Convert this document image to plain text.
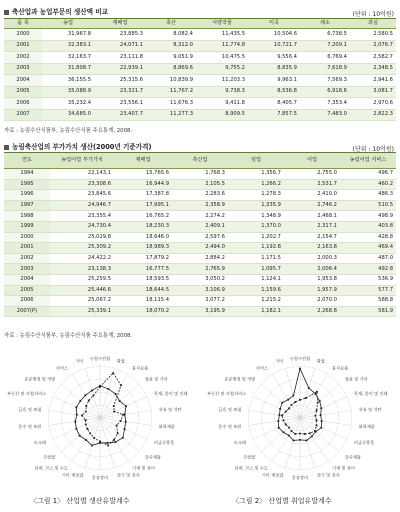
축산업과 농업부문의 생산액 비교	(단위 : 10억원)
품 목	농업	재배업	축산	식량작물	미곡	채소	과실
2000	31,967.8	23,885.3	8,082.4	11,435.5	10,504.6	6,738.5	2,580.5
2001	32,383.1	24,071.1	8,312.0	11,774.8	10,721.7	7,209.1	2,076.7
2002	32,163.7	23,111.8	9,051.9	10,475.5	9,556.4	6,769.4	2,582.7
2003	31,808.7	22,939.1	8,869.6	9,755.2	8,835.9	7,618.9	2,348.5
2004	36,155.5	25,315.6	10,839.9	11,203.3	9,963.1	7,569.3	2,941.6
2005	35,088.9	23,321.7	11,767.2	9,738.3	8,536.8	6,918.6	3,081.7
2006	35,232.4	23,556.1	11,676.3	9,411.8	8,405.7	7,353.4	2,970.6
2007	34,685.0	23,407.7	11,277.3	8,909.5	7,857.5	7,483.0	2,822.3
자료 : 농림수산식품부, 농림수산식품 주요통계, 2008.
농림축산업의 부가가치 생산(2000년 기준가격)	(단위 : 10억원)
연도	농업어업 부가가치	재배업	축산업	임업	어업	농림어업 서비스
1994	22,143.1	15,765.6	1,768.3	1,356.7	2,755.0	496.7
1995	23,308.6	16,944.9	2,105.5	1,266.2	2,531.7	460.2
1996	23,845.6	17,387.8	2,283.6	1,278.3	2,410.0	486.3
1997	24,946.7	17,995.1	2,358.9	1,335.9	2,746.2	510.5
1998	23,355.4	16,765.2	2,274.2	1,348.9	2,468.1	498.9
1999	24,730.4	18,230.3	2,409.1	1,370.0	2,317.1	403.8
2000	25,029.8	18,646.0	2,597.6	1,202.7	2,154.7	428.8
2001	25,309.2	18,989.3	2,494.0	1,192.8	2,163.8	469.4
2002	24,422.2	17,879.2	2,884.2	1,171.5	2,000.3	487.0
2003	23,138.3	16,777.5	2,765.9	1,095.7	2,006.4	492.8
2004	25,259.5	18,593.5	3,050.2	1,124.1	1,953.8	536.9
2005	25,446.6	18,644.5	3,106.9	1,159.6	1,957.9	577.7
2006	25,067.2	18,115.4	3,077.2	1,215.2	2,070.0	588.8
2007(P)	25,339.1	18,070.2	3,195.9	1,182.1	2,268.8	581.9
자료 : 농림수산식품부, 농림수산식품 주요통계, 2008.
농림수산업 광업
음식료품
섬유 및 가죽
목재, 종이 및 인쇄
석유 및 석탄
화학제품
비금속광물
금속제품
기계 및 장비
전기 및 전자
운송장비
기타 제조업
전력, 가스 및 수도
건설업
도소매
운수 및 보관
금융 및 보험
부동산 및 사업서비스
공공행정 및 국방
서비스
기타	농림수산업 광업
음식료품
섬유 및 가죽
목재, 종이 및 인쇄
석유 및 석탄
화학제품
비금속광물
금속제품
기계 및 장비
전기 및 전자
운송장비
기타 제조업
전력, 가스 및 수도
건설업
도소매
운수 및 보관
금융 및 보험
부동산 및 사업서비스
공공행정 및 국방
서비스
기타
〈그림 1〉 산업별 생산유발계수	〈그림 2〉 산업별 취업유발계수
